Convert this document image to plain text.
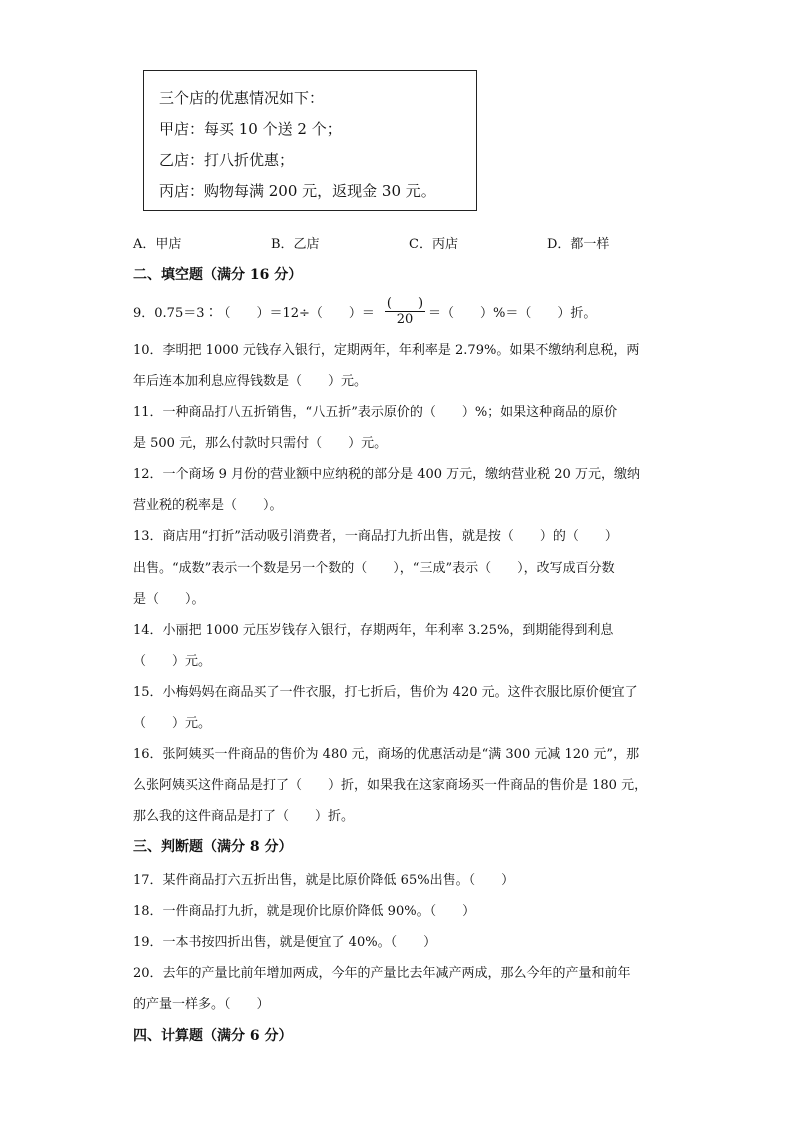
三个店的优惠情况如下：
甲店：每买 10 个送 2 个；
乙店：打八折优惠；
丙店：购物每满 200 元，返现金 30 元。
A．甲店	B．乙店	C．丙店	D．都一样
二、填空题（满分 16 分）
9．0.75＝3∶（　　）＝12÷（　　）＝
(　　)
20	＝（　　）%＝（　　）折。
10．李明把 1000 元钱存入银行，定期两年，年利率是 2.79%。如果不缴纳利息税，两
年后连本加利息应得钱数是（　　）元。
11．一种商品打八五折销售，“八五折”表示原价的（　　）%；如果这种商品的原价
是 500 元，那么付款时只需付（　　）元。
12．一个商场 9 月份的营业额中应纳税的部分是 400 万元，缴纳营业税 20 万元，缴纳
营业税的税率是（　　）。
13．商店用“打折”活动吸引消费者，一商品打九折出售，就是按（　　）的（　　）
出售。“成数”表示一个数是另一个数的（　　），“三成”表示（　　），改写成百分数
是（　　）。
14．小丽把 1000 元压岁钱存入银行，存期两年，年利率 3.25%，到期能得到利息
（　　）元。
15．小梅妈妈在商品买了一件衣服，打七折后，售价为 420 元。这件衣服比原价便宜了
（　　）元。
16．张阿姨买一件商品的售价为 480 元，商场的优惠活动是“满 300 元减 120 元”，那
么张阿姨买这件商品是打了（　　）折，如果我在这家商场买一件商品的售价是 180 元，
那么我的这件商品是打了（　　）折。
三、判断题（满分 8 分）
17．某件商品打六五折出售，就是比原价降低 65%出售。（　　）
18．一件商品打九折，就是现价比原价降低 90%。（　　）
19．一本书按四折出售，就是便宜了 40%。（　　）
20．去年的产量比前年增加两成，今年的产量比去年减产两成，那么今年的产量和前年
的产量一样多。（　　）
四、计算题（满分 6 分）
